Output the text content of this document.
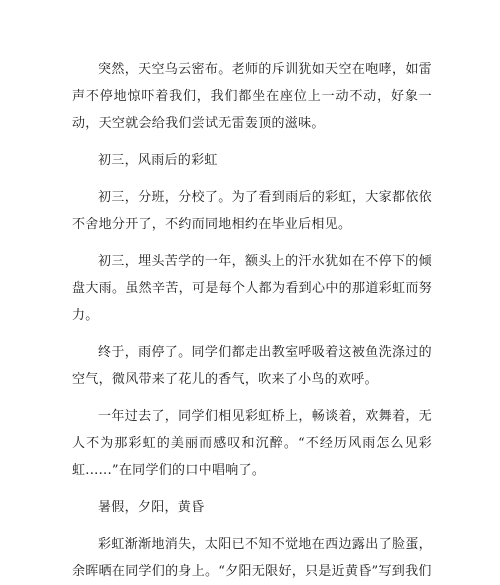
突然，天空乌云密布。老师的斥训犹如天空在咆哮，如雷声不停地惊吓着我们，我们都坐在座位上一动不动，好象一动，天空就会给我们尝试无雷轰顶的滋味。

初三，风雨后的彩虹

初三，分班，分校了。为了看到雨后的彩虹，大家都依依不舍地分开了，不约而同地相约在毕业后相见。

初三，埋头苦学的一年，额头上的汗水犹如在不停下的倾盘大雨。虽然辛苦，可是每个人都为看到心中的那道彩虹而努力。

终于，雨停了。同学们都走出教室呼吸着这被鱼洗涤过的空气，微风带来了花儿的香气，吹来了小鸟的欢呼。

一年过去了，同学们相见彩虹桥上，畅谈着，欢舞着，无人不为那彩虹的美丽而感叹和沉醉。“不经历风雨怎么见彩虹......”在同学们的口中唱响了。

暑假，夕阳，黄昏

彩虹渐渐地消失，太阳已不知不觉地在西边露出了脸蛋，余晖晒在同学们的身上。“夕阳无限好，只是近黄昏”写到我们
